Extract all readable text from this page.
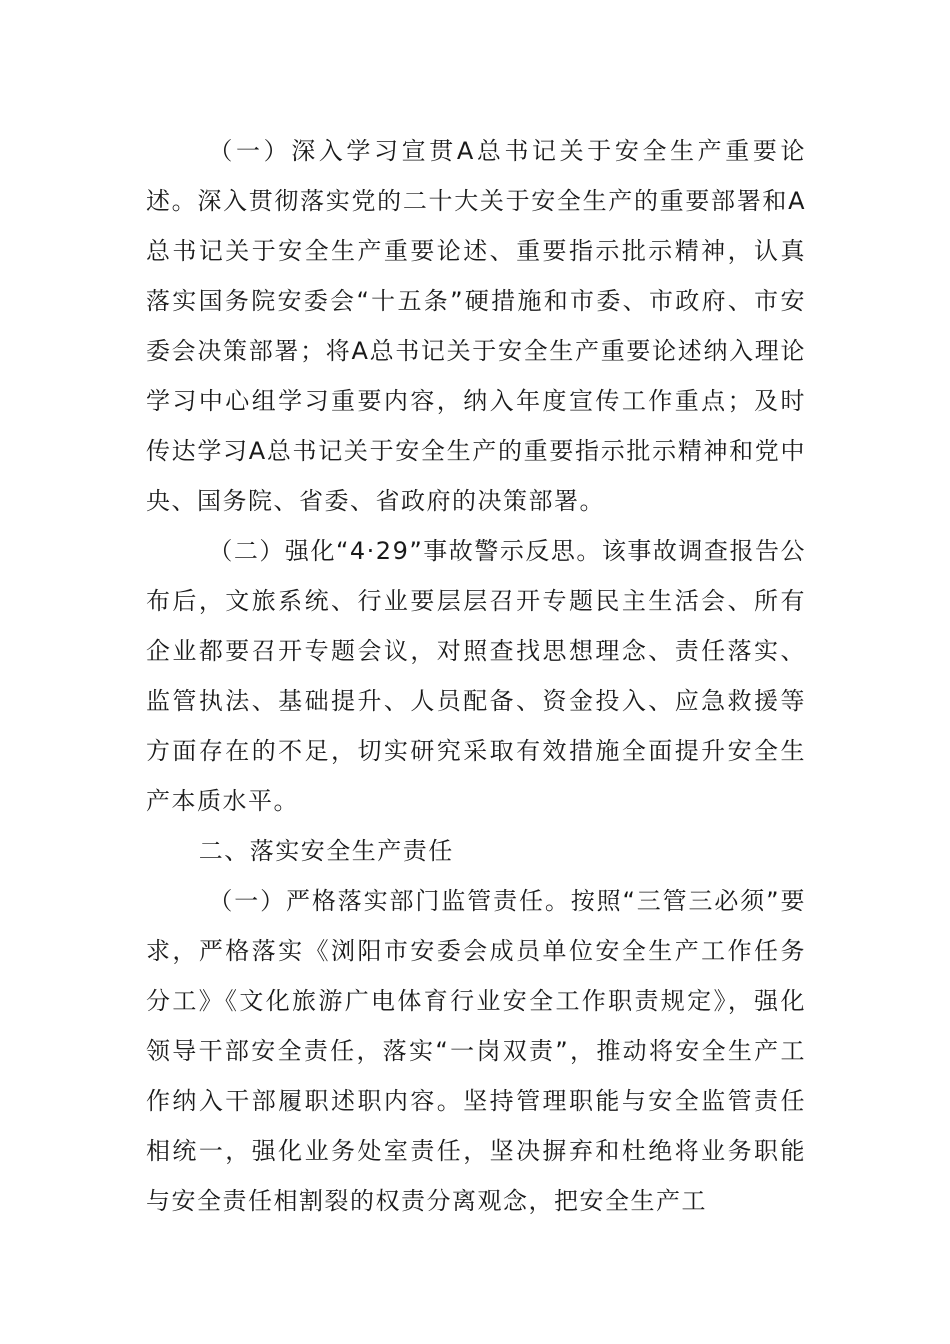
（一）深入学习宣贯A总书记关于安全生产重要论述。深入贯彻落实党的二十大关于安全生产的重要部署和A总书记关于安全生产重要论述、重要指示批示精神，认真落实国务院安委会“十五条”硬措施和市委、市政府、市安委会决策部署；将A总书记关于安全生产重要论述纳入理论学习中心组学习重要内容，纳入年度宣传工作重点；及时传达学习A总书记关于安全生产的重要指示批示精神和党中央、国务院、省委、省政府的决策部署。

（二）强化“4·29”事故警示反思。该事故调查报告公布后，文旅系统、行业要层层召开专题民主生活会、所有企业都要召开专题会议，对照查找思想理念、责任落实、监管执法、基础提升、人员配备、资金投入、应急救援等方面存在的不足，切实研究采取有效措施全面提升安全生产本质水平。

二、落实安全生产责任

（一）严格落实部门监管责任。按照“三管三必须”要求，严格落实《浏阳市安委会成员单位安全生产工作任务分工》《文化旅游广电体育行业安全工作职责规定》，强化领导干部安全责任，落实“一岗双责”，推动将安全生产工作纳入干部履职述职内容。坚持管理职能与安全监管责任相统一，强化业务处室责任，坚决摒弃和杜绝将业务职能与安全责任相割裂的权责分离观念，把安全生产工
